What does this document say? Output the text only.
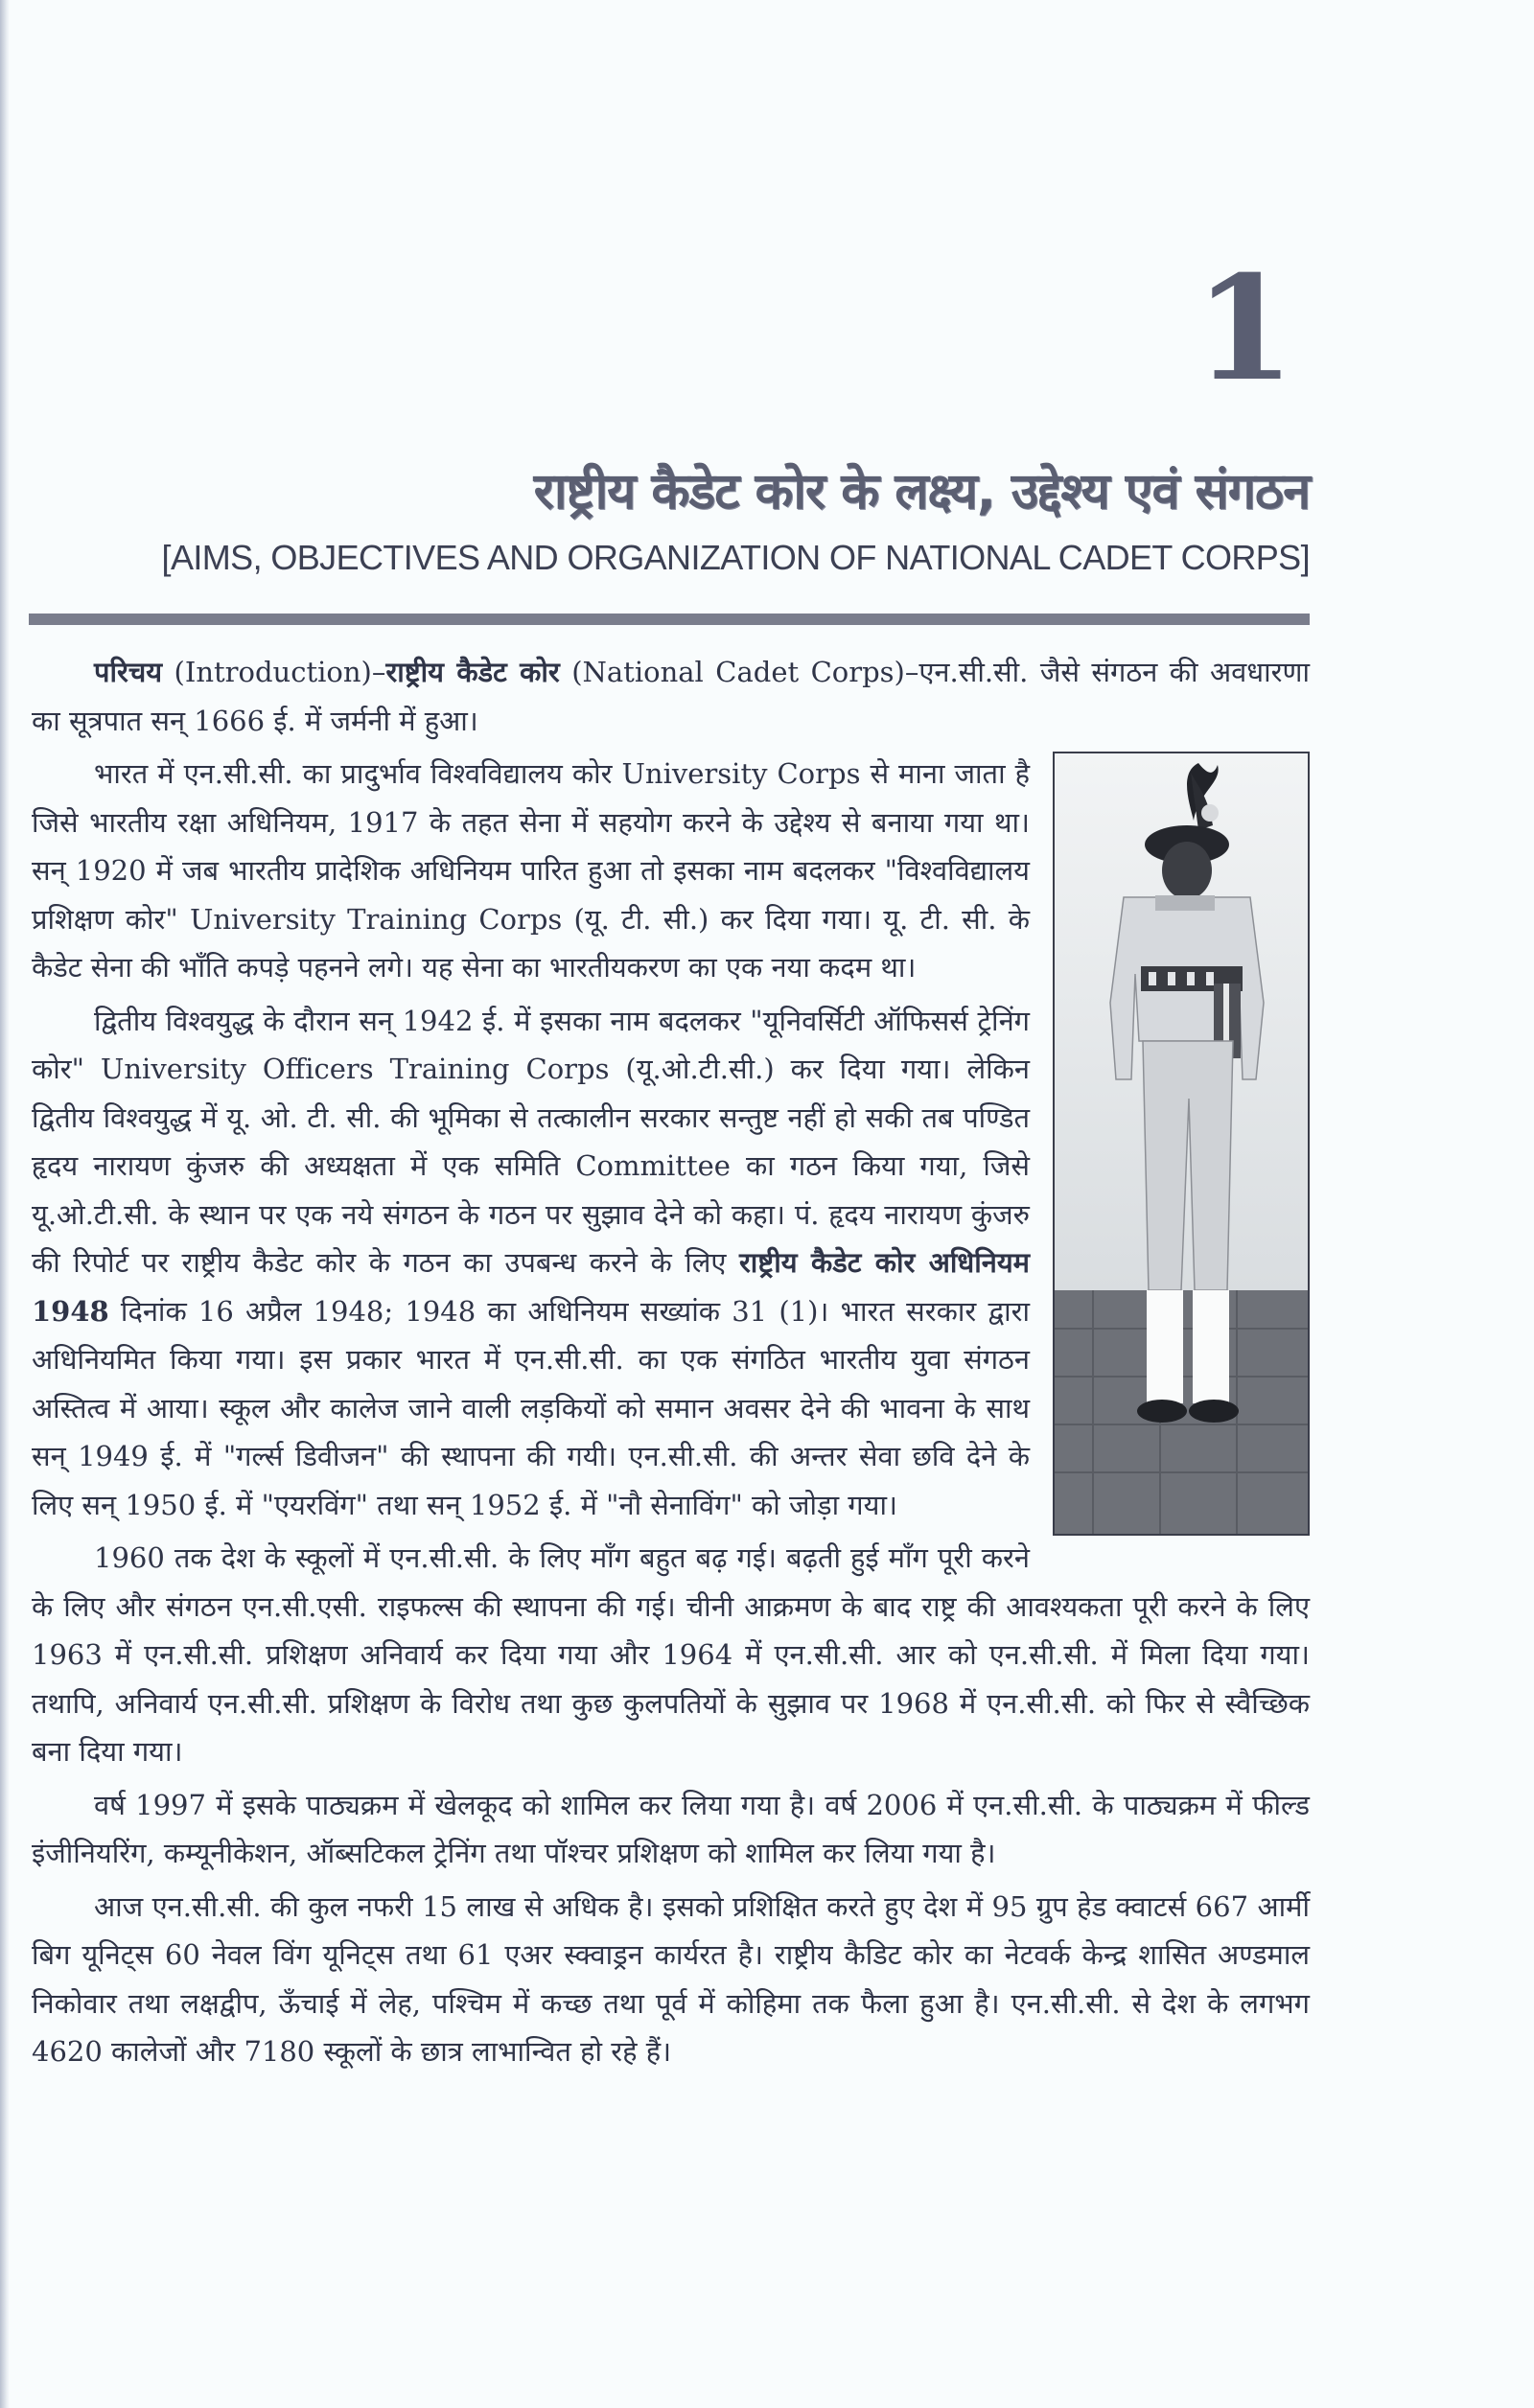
1
राष्ट्रीय कैडेट कोर के लक्ष्य, उद्देश्य एवं संगठन
[AIMS, OBJECTIVES AND ORGANIZATION OF NATIONAL CADET CORPS]

परिचय (Introduction)–राष्ट्रीय कैडेट कोर (National Cadet Corps)–एन.सी.सी. जैसे संगठन की अवधारणा का सूत्रपात सन् 1666 ई. में जर्मनी में हुआ।

भारत में एन.सी.सी. का प्रादुर्भाव विश्वविद्यालय कोर University Corps से माना जाता है जिसे भारतीय रक्षा अधिनियम, 1917 के तहत सेना में सहयोग करने के उद्देश्य से बनाया गया था। सन् 1920 में जब भारतीय प्रादेशिक अधिनियम पारित हुआ तो इसका नाम बदलकर "विश्वविद्यालय प्रशिक्षण कोर" University Training Corps (यू. टी. सी.) कर दिया गया। यू. टी. सी. के कैडेट सेना की भाँति कपड़े पहनने लगे। यह सेना का भारतीयकरण का एक नया कदम था।

द्वितीय विश्वयुद्ध के दौरान सन् 1942 ई. में इसका नाम बदलकर "यूनिवर्सिटी ऑफिसर्स ट्रेनिंग कोर" University Officers Training Corps (यू.ओ.टी.सी.) कर दिया गया। लेकिन द्वितीय विश्वयुद्ध में यू. ओ. टी. सी. की भूमिका से तत्कालीन सरकार सन्तुष्ट नहीं हो सकी तब पण्डित हृदय नारायण कुंजरु की अध्यक्षता में एक समिति Committee का गठन किया गया, जिसे यू.ओ.टी.सी. के स्थान पर एक नये संगठन के गठन पर सुझाव देने को कहा। पं. हृदय नारायण कुंजरु की रिपोर्ट पर राष्ट्रीय कैडेट कोर के गठन का उपबन्ध करने के लिए राष्ट्रीय कैडेट कोर अधिनियम 1948 दिनांक 16 अप्रैल 1948; 1948 का अधिनियम सख्यांक 31 (1)। भारत सरकार द्वारा अधिनियमित किया गया। इस प्रकार भारत में एन.सी.सी. का एक संगठित भारतीय युवा संगठन अस्तित्व में आया। स्कूल और कालेज जाने वाली लड़कियों को समान अवसर देने की भावना के साथ सन् 1949 ई. में "गर्ल्स डिवीजन" की स्थापना की गयी। एन.सी.सी. की अन्तर सेवा छवि देने के लिए सन् 1950 ई. में "एयरविंग" तथा सन् 1952 ई. में "नौ सेनाविंग" को जोड़ा गया।

1960 तक देश के स्कूलों में एन.सी.सी. के लिए माँग बहुत बढ़ गई। बढ़ती हुई माँग पूरी करने के लिए और संगठन एन.सी.एसी. राइफल्स की स्थापना की गई। चीनी आक्रमण के बाद राष्ट्र की आवश्यकता पूरी करने के लिए 1963 में एन.सी.सी. प्रशिक्षण अनिवार्य कर दिया गया और 1964 में एन.सी.सी. आर को एन.सी.सी. में मिला दिया गया। तथापि, अनिवार्य एन.सी.सी. प्रशिक्षण के विरोध तथा कुछ कुलपतियों के सुझाव पर 1968 में एन.सी.सी. को फिर से स्वैच्छिक बना दिया गया।

वर्ष 1997 में इसके पाठ्यक्रम में खेलकूद को शामिल कर लिया गया है। वर्ष 2006 में एन.सी.सी. के पाठ्यक्रम में फील्ड इंजीनियरिंग, कम्यूनीकेशन, ऑब्सटिकल ट्रेनिंग तथा पॉश्चर प्रशिक्षण को शामिल कर लिया गया है।

आज एन.सी.सी. की कुल नफरी 15 लाख से अधिक है। इसको प्रशिक्षित करते हुए देश में 95 ग्रुप हेड क्वाटर्स 667 आर्मी बिग यूनिट्स 60 नेवल विंग यूनिट्स तथा 61 एअर स्क्वाड्रन कार्यरत है। राष्ट्रीय कैडिट कोर का नेटवर्क केन्द्र शासित अण्डमाल निकोवार तथा लक्षद्वीप, ऊँचाई में लेह, पश्चिम में कच्छ तथा पूर्व में कोहिमा तक फैला हुआ है। एन.सी.सी. से देश के लगभग 4620 कालेजों और 7180 स्कूलों के छात्र लाभान्वित हो रहे हैं।
